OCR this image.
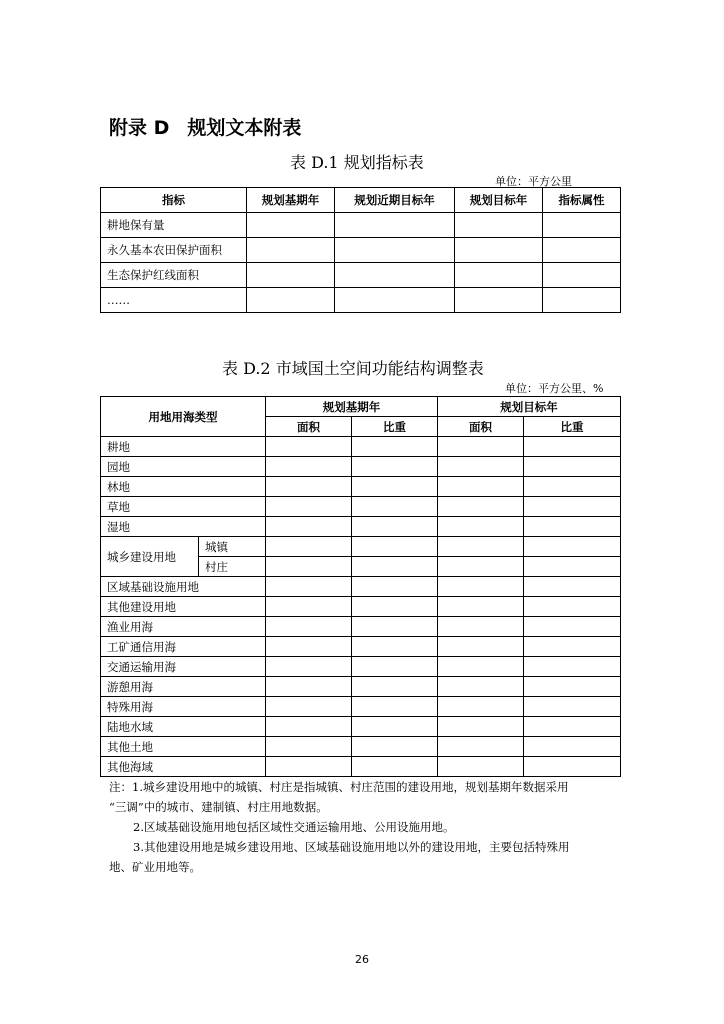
附录 D 规划文本附表
表 D.1 规划指标表
单位：平方公里
指标	规划基期年	规划近期目标年	规划目标年	指标属性
耕地保有量				
永久基本农田保护面积				
生态保护红线面积				
……				
表 D.2 市域国土空间功能结构调整表
单位：平方公里、%
用地用海类型		规划基期年		规划目标年	
		面积	比重	面积	比重
耕地					
园地					
林地					
草地					
湿地					
城乡建设用地	城镇				
	村庄				
区域基础设施用地					
其他建设用地					
渔业用海					
工矿通信用海					
交通运输用海					
游憩用海					
特殊用海					
陆地水域					
其他土地					
其他海域					

注：1.城乡建设用地中的城镇、村庄是指城镇、村庄范围的建设用地，规划基期年数据采用

“三调”中的城市、建制镇、村庄用地数据。

2.区域基础设施用地包括区域性交通运输用地、公用设施用地。

3.其他建设用地是城乡建设用地、区域基础设施用地以外的建设用地，主要包括特殊用

地、矿业用地等。

26
